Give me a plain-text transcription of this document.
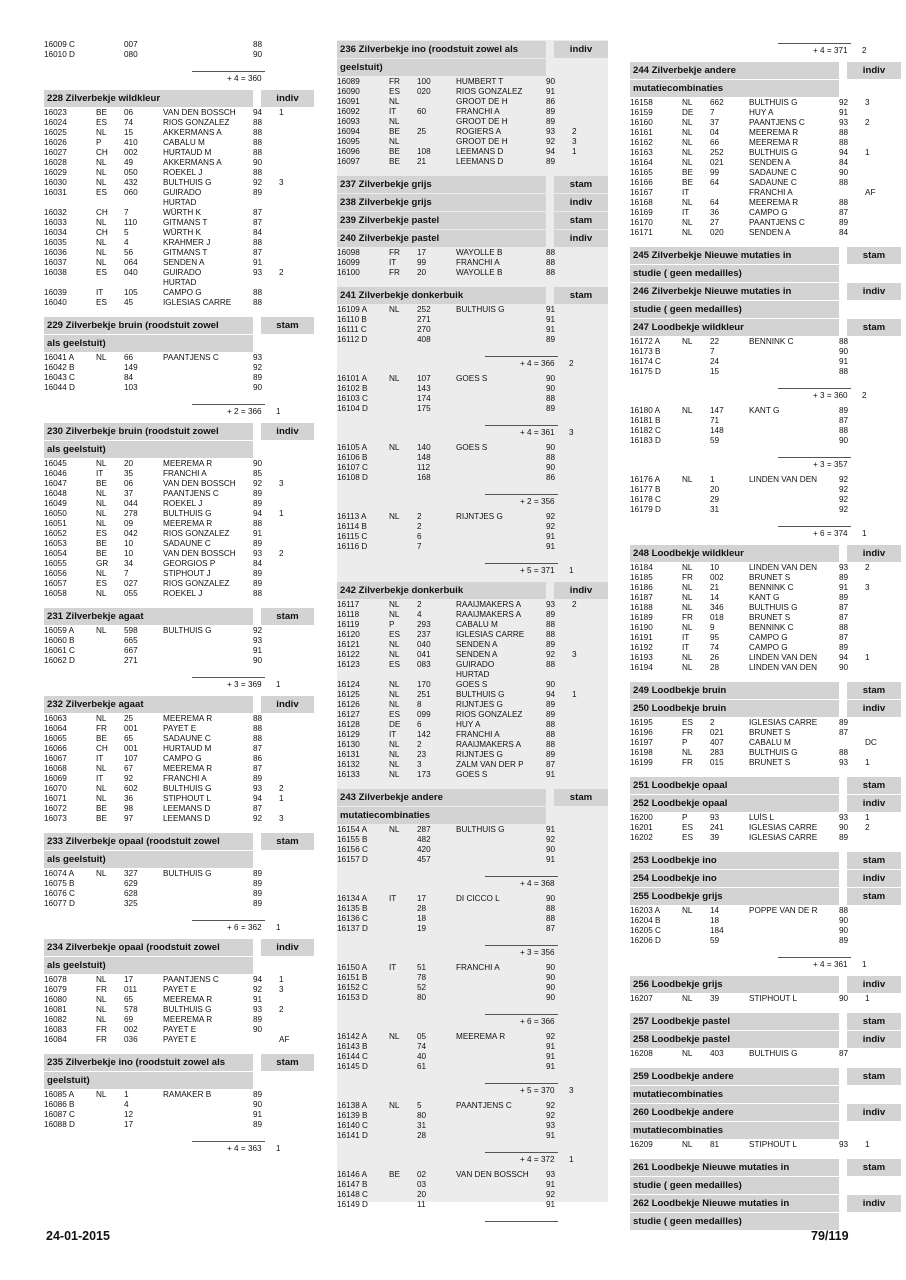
16009 C	007	88
16010 D	080	90
+ 4 = 360
228 Zilverbekje wildkleur	indiv
16023	BE	06	VAN DEN BOSSCH	94	1
16024	ES	74	RIOS GONZALEZ	88
16025	NL	15	AKKERMANS A	88
16026	P	410	CABALU M	88
16027	CH	002	HURTAUD M	88
16028	NL	49	AKKERMANS A	90
16029	NL	050	ROEKEL J	88
16030	NL	432	BULTHUIS G	92	3
16031	ES	060	GUIRADO	89
HURTAD
16032	CH	7	WÜRTH K	87
16033	NL	110	GITMANS T	87
16034	CH	5	WÜRTH K	84
16035	NL	4	KRAHMER J	88
16036	NL	56	GITMANS T	87
16037	NL	064	SENDEN A	91
16038	ES	040	GUIRADO	93	2
HURTAD
16039	IT	105	CAMPO G	88
16040	ES	45	IGLESIAS CARRE	88
229 Zilverbekje bruin (roodstuit zowel	stam
als geelstuit)
16041 A	NL	66	PAANTJENS C	93
16042 B	149	92
16043 C	84	89
16044 D	103	90
+ 2 = 366 1
230 Zilverbekje bruin (roodstuit zowel	indiv
als geelstuit)
16045	NL	20	MEEREMA R	90
16046	IT	35	FRANCHI A	85
16047	BE	06	VAN DEN BOSSCH	92	3
16048	NL	37	PAANTJENS C	89
16049	NL	044	ROEKEL J	89
16050	NL	278	BULTHUIS G	94	1
16051	NL	09	MEEREMA R	88
16052	ES	042	RIOS GONZALEZ	91
16053	BE	10	SADAUNE C	89
16054	BE	10	VAN DEN BOSSCH	93	2
16055	GR	34	GEORGIOS P	84
16056	NL	7	STIPHOUT J	89
16057	ES	027	RIOS GONZALEZ	89
16058	NL	055	ROEKEL J	88
231 Zilverbekje agaat	stam
16059 A	NL	598	BULTHUIS G	92
16060 B	665	93
16061 C	667	91
16062 D	271	90
+ 3 = 369 1
232 Zilverbekje agaat	indiv
16063	NL	25	MEEREMA R	88
16064	FR	001	PAYET E	88
16065	BE	65	SADAUNE C	88
16066	CH	001	HURTAUD M	87
16067	IT	107	CAMPO G	86
16068	NL	67	MEEREMA R	87
16069	IT	92	FRANCHI A	89
16070	NL	602	BULTHUIS G	93	2
16071	NL	36	STIPHOUT L	94	1
16072	BE	98	LEEMANS D	87
16073	BE	97	LEEMANS D	92	3
233 Zilverbekje opaal (roodstuit zowel	stam
als geelstuit)
16074 A	NL	327	BULTHUIS G	89
16075 B	629	89
16076 C	628	89
16077 D	325	89
+ 6 = 362 1
234 Zilverbekje opaal (roodstuit zowel	indiv
als geelstuit)
16078	NL	17	PAANTJENS C	94	1
16079	FR	011	PAYET E	92	3
16080	NL	65	MEEREMA R	91
16081	NL	578	BULTHUIS G	93	2
16082	NL	69	MEEREMA R	89
16083	FR	002	PAYET E	90
16084	FR	036	PAYET E	AF
235 Zilverbekje ino (roodstuit zowel als	stam
geelstuit)
16085 A	NL	1	RAMAKER B	89
16086 B	4	90
16087 C	12	91
16088 D	17	89
+ 4 = 363 1
236 Zilverbekje ino (roodstuit zowel als	indiv
geelstuit)
16089	FR	100	HUMBERT T	90
16090	ES	020	RIOS GONZALEZ	91
16091	NL	GROOT DE H	86
16092	IT	60	FRANCHI A	89
16093	NL	GROOT DE H	89
16094	BE	25	ROGIERS A	93	2
16095	NL	GROOT DE H	92	3
16096	BE	108	LEEMANS D	94	1
16097	BE	21	LEEMANS D	89
237 Zilverbekje grijs	stam
238 Zilverbekje grijs	indiv
239 Zilverbekje pastel	stam
240 Zilverbekje pastel	indiv
16098	FR	17	WAYOLLE B	88
16099	IT	99	FRANCHI A	88
16100	FR	20	WAYOLLE B	88
241 Zilverbekje donkerbuik	stam
16109 A	NL	252	BULTHUIS G	91
16110 B	271	91
16111 C	270	91
16112 D	408	89
+ 4 = 366 2
16101 A	NL	107	GOES S	90
16102 B	143	90
16103 C	174	88
16104 D	175	89
+ 4 = 361 3
16105 A	NL	140	GOES S	90
16106 B	148	88
16107 C	112	90
16108 D	168	86
+ 2 = 356
16113 A	NL	2	RIJNTJES G	92
16114 B	2	92
16115 C	6	91
16116 D	7	91
+ 5 = 371 1
242 Zilverbekje donkerbuik	indiv
16117	NL	2	RAAIJMAKERS A	93	2
16118	NL	4	RAAIJMAKERS A	89
16119	P	293	CABALU M	88
16120	ES	237	IGLESIAS CARRE	88
16121	NL	040	SENDEN A	89
16122	NL	041	SENDEN A	92	3
16123	ES	083	GUIRADO	88
HURTAD
16124	NL	170	GOES S	90
16125	NL	251	BULTHUIS G	94	1
16126	NL	8	RIJNTJES G	89
16127	ES	099	RIOS GONZALEZ	89
16128	DE	6	HUY A	88
16129	IT	142	FRANCHI A	88
16130	NL	2	RAAIJMAKERS A	88
16131	NL	23	RIJNTJES G	89
16132	NL	3	ZALM VAN DER P	87
16133	NL	173	GOES S	91
243 Zilverbekje andere	stam
mutatiecombinaties
16154 A	NL	287	BULTHUIS G	91
16155 B	482	92
16156 C	420	90
16157 D	457	91
+ 4 = 368
16134 A	IT	17	DI CICCO L	90
16135 B	28	88
16136 C	18	88
16137 D	19	87
+ 3 = 356
16150 A	IT	51	FRANCHI A	90
16151 B	78	90
16152 C	52	90
16153 D	80	90
+ 6 = 366
16142 A	NL	05	MEEREMA R	92
16143 B	74	91
16144 C	40	91
16145 D	61	91
+ 5 = 370 3
16138 A	NL	5	PAANTJENS C	92
16139 B	80	92
16140 C	31	93
16141 D	28	91
+ 4 = 372 1
16146 A	BE	02	VAN DEN BOSSCH	93
16147 B	03	91
16148 C	20	92
16149 D	11	91
+ 4 = 371 2
244 Zilverbekje andere	indiv
mutatiecombinaties
16158	NL	662	BULTHUIS G	92	3
16159	DE	7	HUY A	91
16160	NL	37	PAANTJENS C	93	2
16161	NL	04	MEEREMA R	88
16162	NL	66	MEEREMA R	88
16163	NL	252	BULTHUIS G	94	1
16164	NL	021	SENDEN A	84
16165	BE	99	SADAUNE C	90
16166	BE	64	SADAUNE C	88
16167	IT	FRANCHI A	AF
16168	NL	64	MEEREMA R	88
16169	IT	36	CAMPO G	87
16170	NL	27	PAANTJENS C	89
16171	NL	020	SENDEN A	84
245 Zilverbekje Nieuwe mutaties in	stam
studie ( geen medailles)
246 Zilverbekje Nieuwe mutaties in	indiv
studie ( geen medailles)
247 Loodbekje wildkleur	stam
16172 A	NL	22	BENNINK C	88
16173 B	7	90
16174 C	24	91
16175 D	15	88
+ 3 = 360 2
16180 A	NL	147	KANT G	89
16181 B	71	87
16182 C	148	88
16183 D	59	90
+ 3 = 357
16176 A	NL	1	LINDEN VAN DEN	92
16177 B	20	92
16178 C	29	92
16179 D	31	92
+ 6 = 374 1
248 Loodbekje wildkleur	indiv
16184	NL	10	LINDEN VAN DEN	93	2
16185	FR	002	BRUNET S	89
16186	NL	21	BENNINK C	91	3
16187	NL	14	KANT G	89
16188	NL	346	BULTHUIS G	87
16189	FR	018	BRUNET S	87
16190	NL	9	BENNINK C	88
16191	IT	95	CAMPO G	87
16192	IT	74	CAMPO G	89
16193	NL	26	LINDEN VAN DEN	94	1
16194	NL	28	LINDEN VAN DEN	90
249 Loodbekje bruin	stam
250 Loodbekje bruin	indiv
16195	ES	2	IGLESIAS CARRE	89
16196	FR	021	BRUNET S	87
16197	P	407	CABALU M	DC
16198	NL	283	BULTHUIS G	88
16199	FR	015	BRUNET S	93	1
251 Loodbekje opaal	stam
252 Loodbekje opaal	indiv
16200	P	93	LUÍS L	93	1
16201	ES	241	IGLESIAS CARRE	90	2
16202	ES	39	IGLESIAS CARRE	89
253 Loodbekje ino	stam
254 Loodbekje ino	indiv
255 Loodbekje grijs	stam
16203 A	NL	14	POPPE VAN DE R	88
16204 B	18	90
16205 C	184	90
16206 D	59	89
+ 4 = 361 1
256 Loodbekje grijs	indiv
16207	NL	39	STIPHOUT L	90	1
257 Loodbekje pastel	stam
258 Loodbekje pastel	indiv
16208	NL	403	BULTHUIS G	87
259 Loodbekje andere	stam
mutatiecombinaties
260 Loodbekje andere	indiv
mutatiecombinaties
16209	NL	81	STIPHOUT L	93	1
261 Loodbekje Nieuwe mutaties in	stam
studie ( geen medailles)
262 Loodbekje Nieuwe mutaties in	indiv
studie ( geen medailles)
24-01-2015	79/119
